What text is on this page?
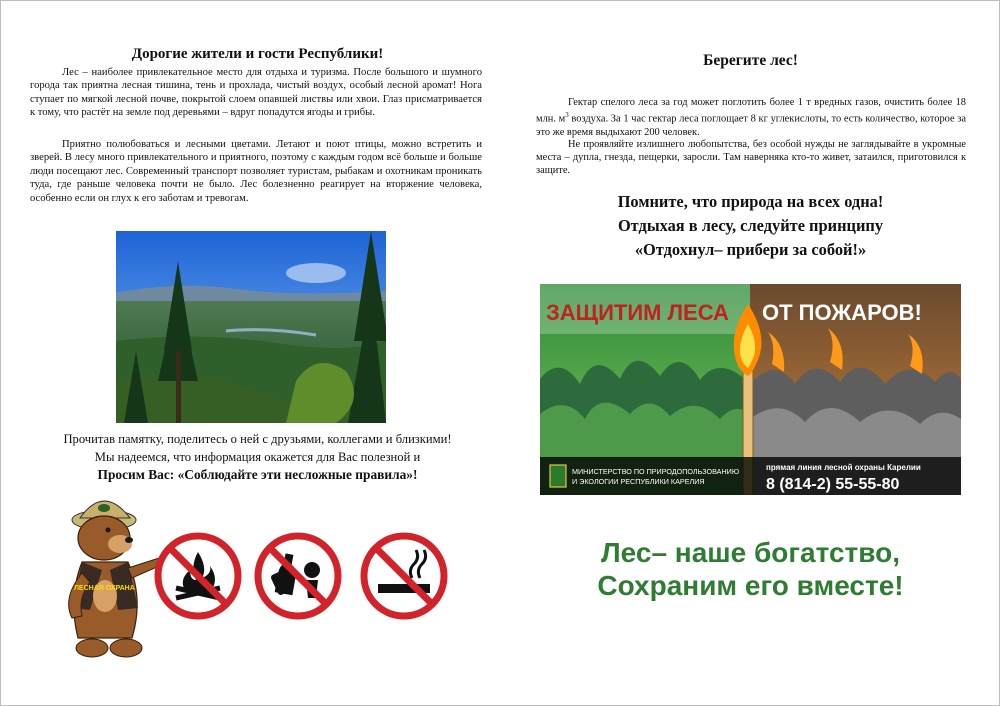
Дорогие жители и гости Республики!

Лес – наиболее привлекательное место для отдыха и туризма. После большого и шумного города так приятна лесная тишина, тень и прохлада, чистый воздух, особый лесной аромат! Нога ступает по мягкой лесной почве, покрытой слоем опавшей листвы или хвои. Глаз присматривается к тому, что растёт на земле под деревьями – вдруг попадутся ягоды и грибы.

Приятно полюбоваться и лесными цветами. Летают и поют птицы, можно встретить и зверей. В лесу много привлекательного и приятного, поэтому с каждым годом всё больше и больше люди посещают лес. Современный транспорт позволяет туристам, рыбакам и охотникам проникать туда, где раньше человека почти не было. Лес болезненно реагирует на вторжение человека, особенно если он глух к его заботам и тревогам.

Прочитав памятку, поделитесь о ней с друзьями, коллегами и близкими!
Мы надеемся, что информация окажется для Вас полезной и
Просим Вас: «Соблюдайте эти несложные правила»!
ЛЕСНАЯ ОХРАНА
Берегите лес!

Гектар спелого леса за год может поглотить более 1 т вредных газов, очистить более 18 млн. $м^3$ воздуха. За 1 час гектар леса поглощает 8 кг углекислоты, то есть количество, которое за это же время выдыхают 200 человек.

Не проявляйте излишнего любопытства, без особой нужды не заглядывайте в укромные места – дупла, гнезда, пещерки, заросли. Там наверняка кто-то живет, затаился, приготовился к защите.

Помните, что природа на всех одна!
Отдыхая в лесу, следуйте принципу
«Отдохнул– прибери за собой!»
ЗАЩИТИМ ЛЕСА ОТ ПОЖАРОВ!
МИНИСТЕРСТВО ПО ПРИРОДОПОЛЬЗОВАНИЮ
И ЭКОЛОГИИ РЕСПУБЛИКИ КАРЕЛИЯ
прямая линия лесной охраны Карелии
8 (814-2) 55-55-80
Лес– наше богатство,
Сохраним его вместе!
